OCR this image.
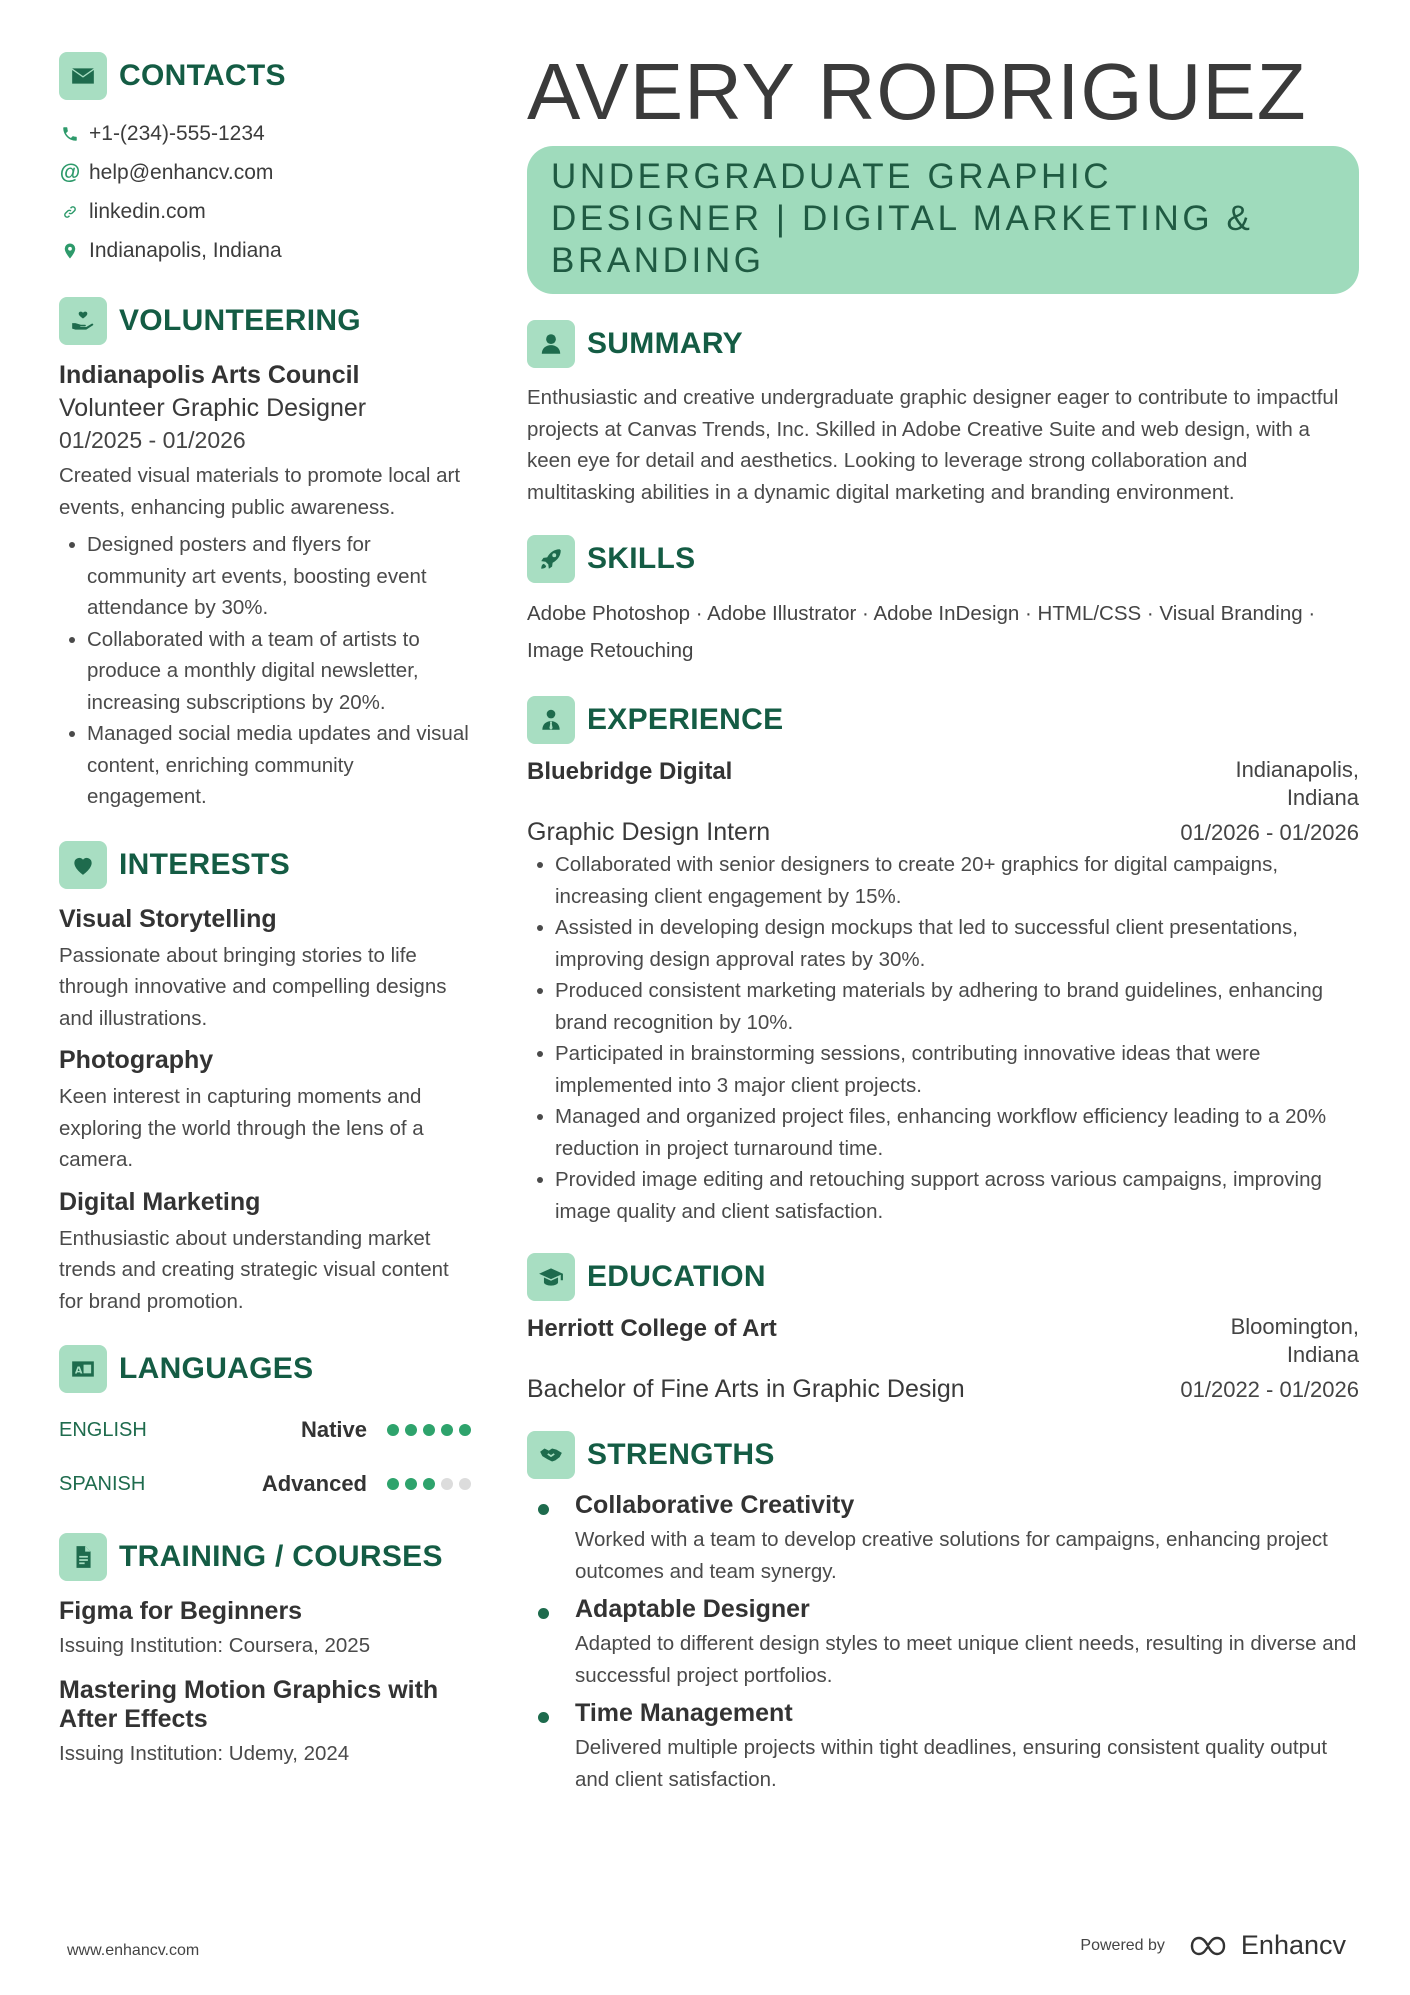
CONTACTS
+1-(234)-555-1234
@ help@enhancv.com
linkedin.com
Indianapolis, Indiana
VOLUNTEERING
Indianapolis Arts Council
Volunteer Graphic Designer
01/2025 - 01/2026
Created visual materials to promote local art events, enhancing public awareness.
Designed posters and flyers for community art events, boosting event attendance by 30%.
Collaborated with a team of artists to produce a monthly digital newsletter, increasing subscriptions by 20%.
Managed social media updates and visual content, enriching community engagement.
INTERESTS
Visual Storytelling
Passionate about bringing stories to life through innovative and compelling designs and illustrations.
Photography
Keen interest in capturing moments and exploring the world through the lens of a camera.
Digital Marketing
Enthusiastic about understanding market trends and creating strategic visual content for brand promotion.
A LANGUAGES
ENGLISH	Native
SPANISH	Advanced
TRAINING / COURSES
Figma for Beginners
Issuing Institution: Coursera, 2025
Mastering Motion Graphics with After Effects
Issuing Institution: Udemy, 2024
AVERY RODRIGUEZ
UNDERGRADUATE GRAPHIC DESIGNER | DIGITAL MARKETING & BRANDING
SUMMARY
Enthusiastic and creative undergraduate graphic designer eager to contribute to impactful projects at Canvas Trends, Inc. Skilled in Adobe Creative Suite and web design, with a keen eye for detail and aesthetics. Looking to leverage strong collaboration and multitasking abilities in a dynamic digital marketing and branding environment.
SKILLS
Adobe Photoshop · Adobe Illustrator · Adobe InDesign · HTML/CSS · Visual Branding · Image Retouching
EXPERIENCE
Bluebridge Digital	Indianapolis,
Indiana
Graphic Design Intern	01/2026 - 01/2026
Collaborated with senior designers to create 20+ graphics for digital campaigns, increasing client engagement by 15%.
Assisted in developing design mockups that led to successful client presentations, improving design approval rates by 30%.
Produced consistent marketing materials by adhering to brand guidelines, enhancing brand recognition by 10%.
Participated in brainstorming sessions, contributing innovative ideas that were implemented into 3 major client projects.
Managed and organized project files, enhancing workflow efficiency leading to a 20% reduction in project turnaround time.
Provided image editing and retouching support across various campaigns, improving image quality and client satisfaction.
EDUCATION
Herriott College of Art	Bloomington,
Indiana
Bachelor of Fine Arts in Graphic Design	01/2022 - 01/2026
STRENGTHS
Collaborative Creativity
Worked with a team to develop creative solutions for campaigns, enhancing project outcomes and team synergy.
Adaptable Designer
Adapted to different design styles to meet unique client needs, resulting in diverse and successful project portfolios.
Time Management
Delivered multiple projects within tight deadlines, ensuring consistent quality output and client satisfaction.
www.enhancv.com	Powered by	Enhancv
